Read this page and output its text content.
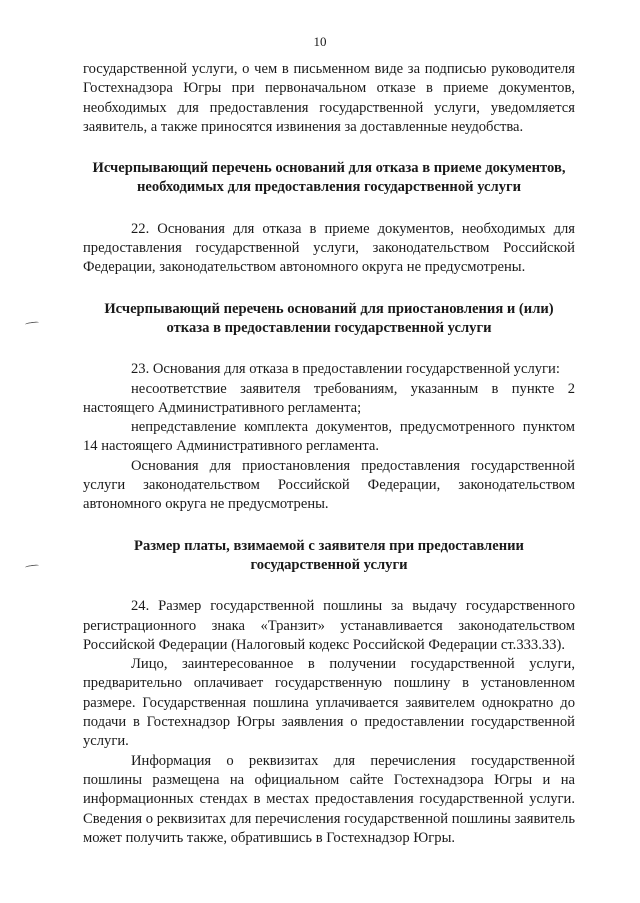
10

государственной услуги, о чем в письменном виде за подписью руководителя Гостехнадзора Югры при первоначальном отказе в приеме документов, необходимых для предоставления государственной услуги, уведомляется заявитель, а также приносятся извинения за доставленные неудобства.

Исчерпывающий перечень оснований для отказа в приеме документов, необходимых для предоставления государственной услуги

22. Основания для отказа в приеме документов, необходимых для предоставления государственной услуги, законодательством Российской Федерации, законодательством автономного округа не предусмотрены.

Исчерпывающий перечень оснований для приостановления и (или) отказа в предоставлении государственной услуги

23. Основания для отказа в предоставлении государственной услуги:

несоответствие заявителя требованиям, указанным в пункте 2 настоящего Административного регламента;

непредставление комплекта документов, предусмотренного пунктом 14 настоящего Административного регламента.

Основания для приостановления предоставления государственной услуги законодательством Российской Федерации, законодательством автономного округа не предусмотрены.

Размер платы, взимаемой с заявителя при предоставлении государственной услуги

24. Размер государственной пошлины за выдачу государственного регистрационного знака «Транзит» устанавливается законодательством Российской Федерации (Налоговый кодекс Российской Федерации ст.333.33).

Лицо, заинтересованное в получении государственной услуги, предварительно оплачивает государственную пошлину в установленном размере. Государственная пошлина уплачивается заявителем однократно до подачи в Гостехнадзор Югры заявления о предоставлении государственной услуги.

Информация о реквизитах для перечисления государственной пошлины размещена на официальном сайте Гостехнадзора Югры и на информационных стендах в местах предоставления государственной услуги. Сведения о реквизитах для перечисления государственной пошлины заявитель может получить также, обратившись в Гостехнадзор Югры.
